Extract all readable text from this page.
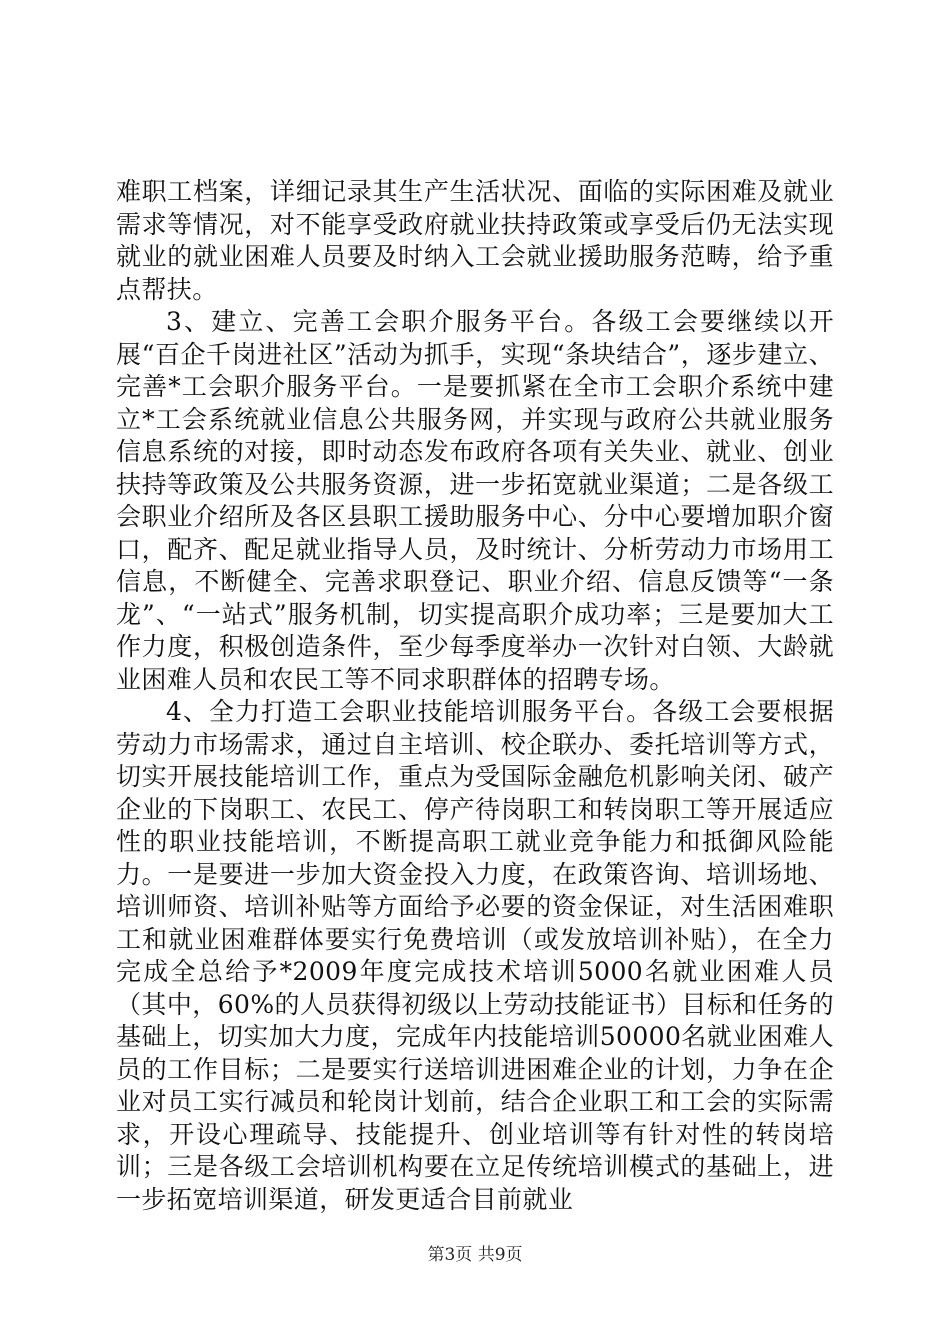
难职工档案，详细记录其生产生活状况、面临的实际困难及就业需求等情况，对不能享受政府就业扶持政策或享受后仍无法实现就业的就业困难人员要及时纳入工会就业援助服务范畴，给予重点帮扶。

3、建立、完善工会职介服务平台。各级工会要继续以开展“百企千岗进社区”活动为抓手，实现“条块结合”，逐步建立、完善*工会职介服务平台。一是要抓紧在全市工会职介系统中建立*工会系统就业信息公共服务网，并实现与政府公共就业服务信息系统的对接，即时动态发布政府各项有关失业、就业、创业扶持等政策及公共服务资源，进一步拓宽就业渠道；二是各级工会职业介绍所及各区县职工援助服务中心、分中心要增加职介窗口，配齐、配足就业指导人员，及时统计、分析劳动力市场用工信息，不断健全、完善求职登记、职业介绍、信息反馈等“一条龙”、“一站式”服务机制，切实提高职介成功率；三是要加大工作力度，积极创造条件，至少每季度举办一次针对白领、大龄就业困难人员和农民工等不同求职群体的招聘专场。

4、全力打造工会职业技能培训服务平台。各级工会要根据劳动力市场需求，通过自主培训、校企联办、委托培训等方式，切实开展技能培训工作，重点为受国际金融危机影响关闭、破产企业的下岗职工、农民工、停产待岗职工和转岗职工等开展适应性的职业技能培训，不断提高职工就业竞争能力和抵御风险能力。一是要进一步加大资金投入力度，在政策咨询、培训场地、培训师资、培训补贴等方面给予必要的资金保证，对生活困难职工和就业困难群体要实行免费培训（或发放培训补贴），在全力完成全总给予*2009年度完成技术培训5000名就业困难人员（其中，60%的人员获得初级以上劳动技能证书）目标和任务的基础上，切实加大力度，完成年内技能培训50000名就业困难人员的工作目标；二是要实行送培训进困难企业的计划，力争在企业对员工实行减员和轮岗计划前，结合企业职工和工会的实际需求，开设心理疏导、技能提升、创业培训等有针对性的转岗培训；三是各级工会培训机构要在立足传统培训模式的基础上，进一步拓宽培训渠道，研发更适合目前就业

第3页 共9页
